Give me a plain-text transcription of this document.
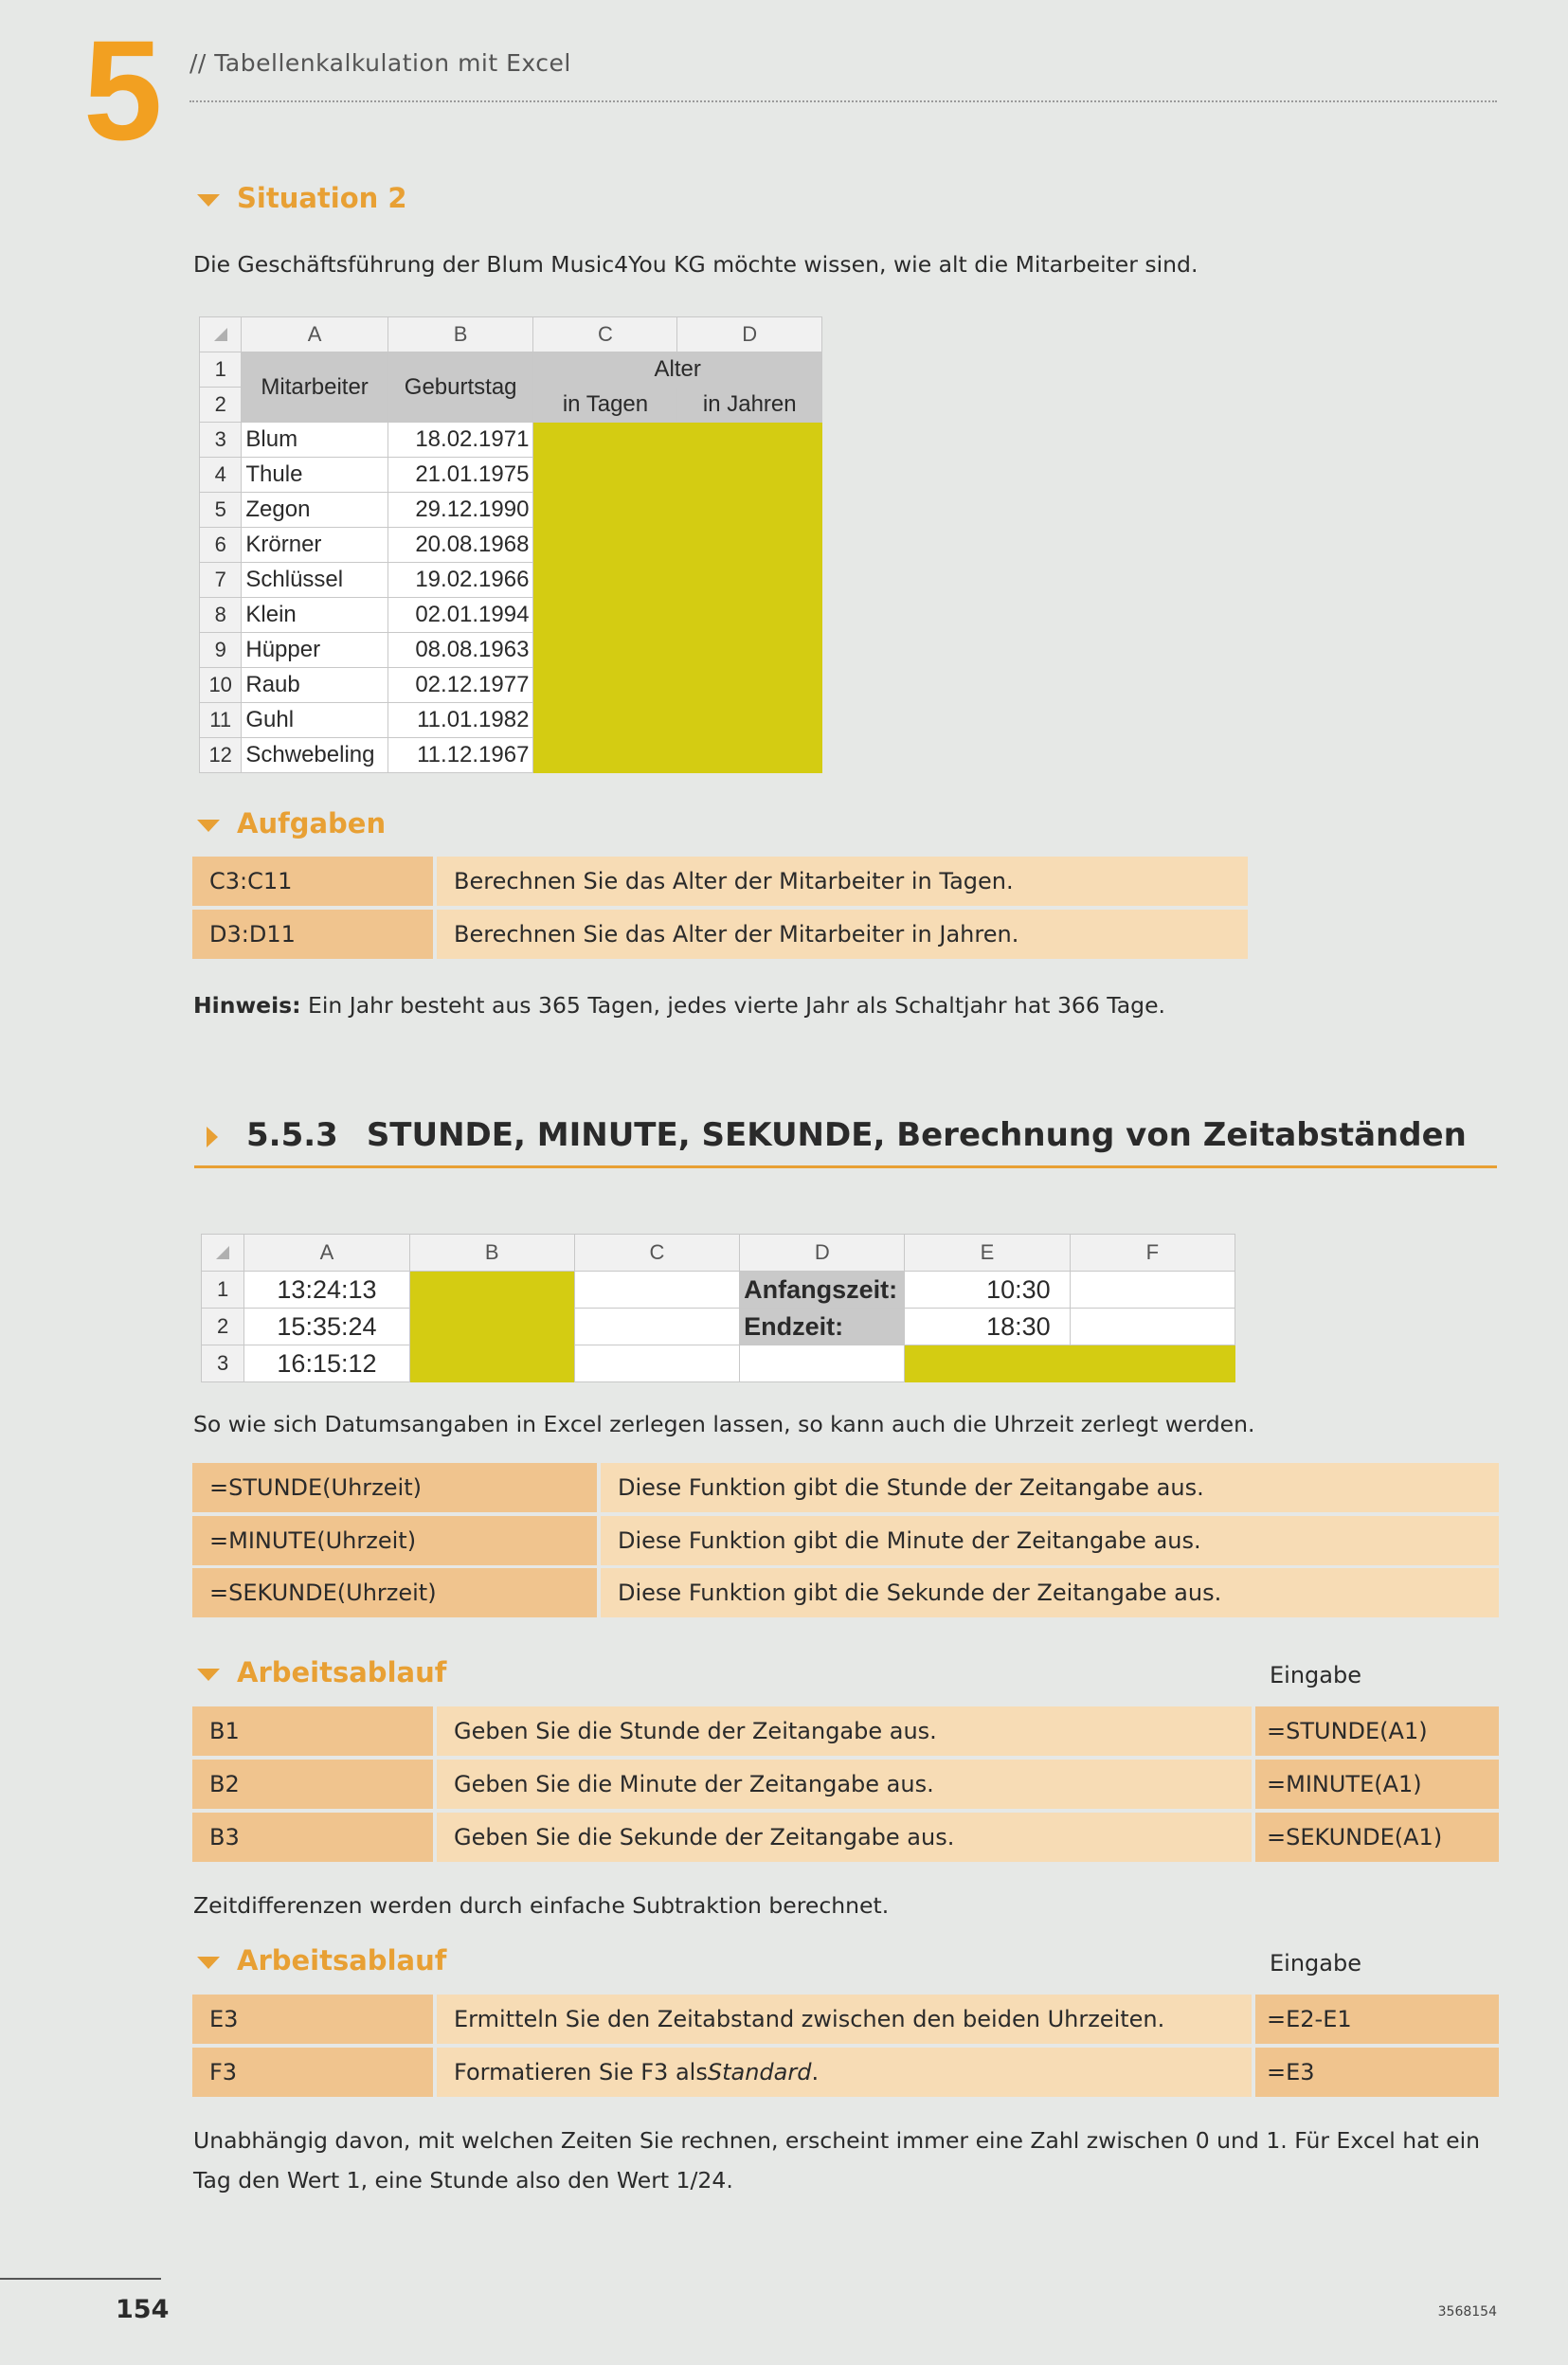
5 // Tabellenkalkulation mit Excel
Situation 2
Die Geschäftsführung der Blum Music4You KG möchte wissen, wie alt die Mitarbeiter sind.
	A	B	C	D
1	Mitarbeiter	Geburtstag	Alter	
2			in Tagen	in Jahren
3	Blum	18.02.1971		
4	Thule	21.01.1975		
5	Zegon	29.12.1990		
6	Krörner	20.08.1968		
7	Schlüssel	19.02.1966		
8	Klein	02.01.1994		
9	Hüpper	08.08.1963		
10	Raub	02.12.1977		
11	Guhl	11.01.1982		
12	Schwebeling	11.12.1967		
Aufgaben
C3:C11	Berechnen Sie das Alter der Mitarbeiter in Tagen.
D3:D11	Berechnen Sie das Alter der Mitarbeiter in Jahren.
Hinweis: Ein Jahr besteht aus 365 Tagen, jedes vierte Jahr als Schaltjahr hat 366 Tage.
5.5.3 STUNDE, MINUTE, SEKUNDE, Berechnung von Zeitabständen
	A	B	C	D	E	F
1	13:24:13			Anfangszeit:	10:30	
2	15:35:24			Endzeit:	18:30	
3	16:15:12					
So wie sich Datumsangaben in Excel zerlegen lassen, so kann auch die Uhrzeit zerlegt werden.
=STUNDE(Uhrzeit)	Diese Funktion gibt die Stunde der Zeitangabe aus.
=MINUTE(Uhrzeit)	Diese Funktion gibt die Minute der Zeitangabe aus.
=SEKUNDE(Uhrzeit)	Diese Funktion gibt die Sekunde der Zeitangabe aus.
Arbeitsablauf	Eingabe
B1	Geben Sie die Stunde der Zeitangabe aus.	=STUNDE(A1)
B2	Geben Sie die Minute der Zeitangabe aus.	=MINUTE(A1)
B3	Geben Sie die Sekunde der Zeitangabe aus.	=SEKUNDE(A1)
Zeitdifferenzen werden durch einfache Subtraktion berechnet.
Arbeitsablauf	Eingabe
E3	Ermitteln Sie den Zeitabstand zwischen den beiden Uhrzeiten.	=E2-E1
F3	Formatieren Sie F3 als Standard .	=E3
Unabhängig davon, mit welchen Zeiten Sie rechnen, erscheint immer eine Zahl zwischen 0 und 1. Für Excel hat ein
Tag den Wert 1, eine Stunde also den Wert 1/24.
154	3568154
